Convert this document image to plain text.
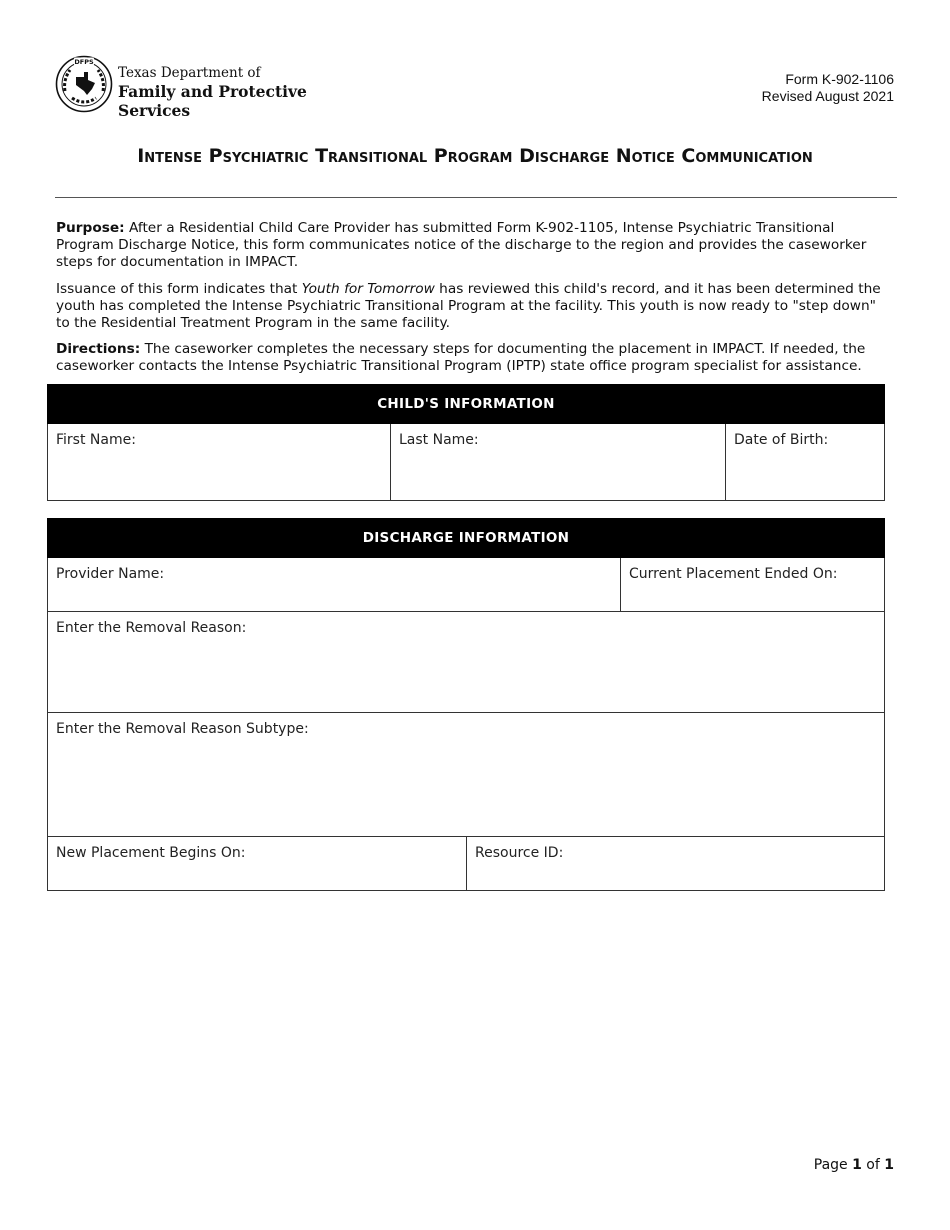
DFPS
Texas Department of
Family and Protective Services
Form K-902-1106
Revised August 2021
Intense Psychiatric Transitional Program Discharge Notice Communication
Purpose: After a Residential Child Care Provider has submitted Form K-902-1105, Intense Psychiatric Transitional Program Discharge Notice, this form communicates notice of the discharge to the region and provides the caseworker steps for documentation in IMPACT.
Issuance of this form indicates that Youth for Tomorrow has reviewed this child's record, and it has been determined the youth has completed the Intense Psychiatric Transitional Program at the facility. This youth is now ready to "step down" to the Residential Treatment Program in the same facility.
Directions: The caseworker completes the necessary steps for documenting the placement in IMPACT. If needed, the caseworker contacts the Intense Psychiatric Transitional Program (IPTP) state office program specialist for assistance.
CHILD'S INFORMATION
First Name:	Last Name:	Date of Birth:
DISCHARGE INFORMATION
Provider Name:	Current Placement Ended On:
Enter the Removal Reason:
Enter the Removal Reason Subtype:
New Placement Begins On:	Resource ID:
Page 1 of 1
